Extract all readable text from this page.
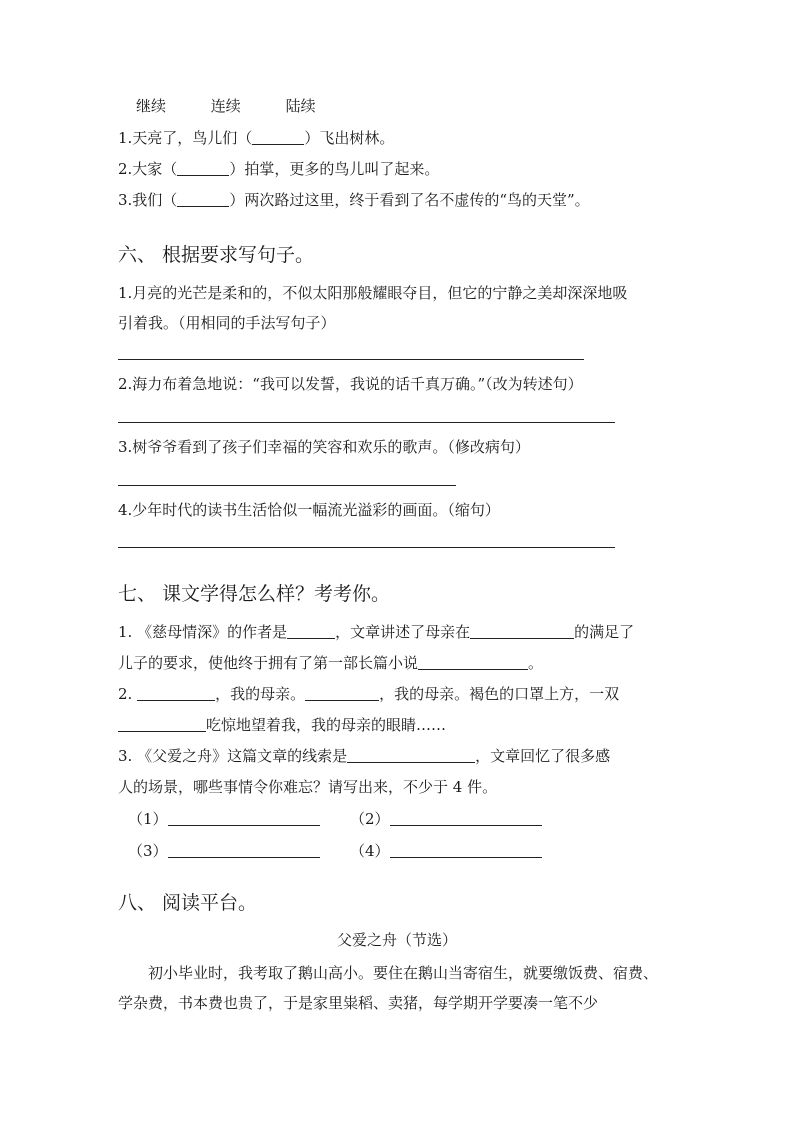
继续	连续	陆续
1.天亮了，鸟儿们（	）飞出树林。
2.大家（	）拍掌，更多的鸟儿叫了起来。
3.我们（	）两次路过这里，终于看到了名不虚传的“鸟的天堂”。
六、 根据要求写句子。
1.月亮的光芒是柔和的，不似太阳那般耀眼夺目，但它的宁静之美却深深地吸
引着我。（用相同的手法写句子）
2.海力布着急地说：“我可以发誓，我说的话千真万确。”（改为转述句）
3.树爷爷看到了孩子们幸福的笑容和欢乐的歌声。（修改病句）
4.少年时代的读书生活恰似一幅流光溢彩的画面。（缩句）
七、 课文学得怎么样？考考你。
1. 《慈母情深》的作者是	，文章讲述了母亲在	的满足了
儿子的要求，使他终于拥有了第一部长篇小说	。
2.	，我的母亲。	，我的母亲。褐色的口罩上方，一双
吃惊地望着我，我的母亲的眼睛……
3. 《父爱之舟》这篇文章的线索是	，文章回忆了很多感
人的场景，哪些事情令你难忘？请写出来，不少于 4 件。
（1）	（2）
（3）	（4）
八、 阅读平台。
父爱之舟（节选）
初小毕业时，我考取了鹅山高小。要住在鹅山当寄宿生，就要缴饭费、宿费、学杂费，书本费也贵了，于是家里粜稻、卖猪，每学期开学要凑一笔不少
